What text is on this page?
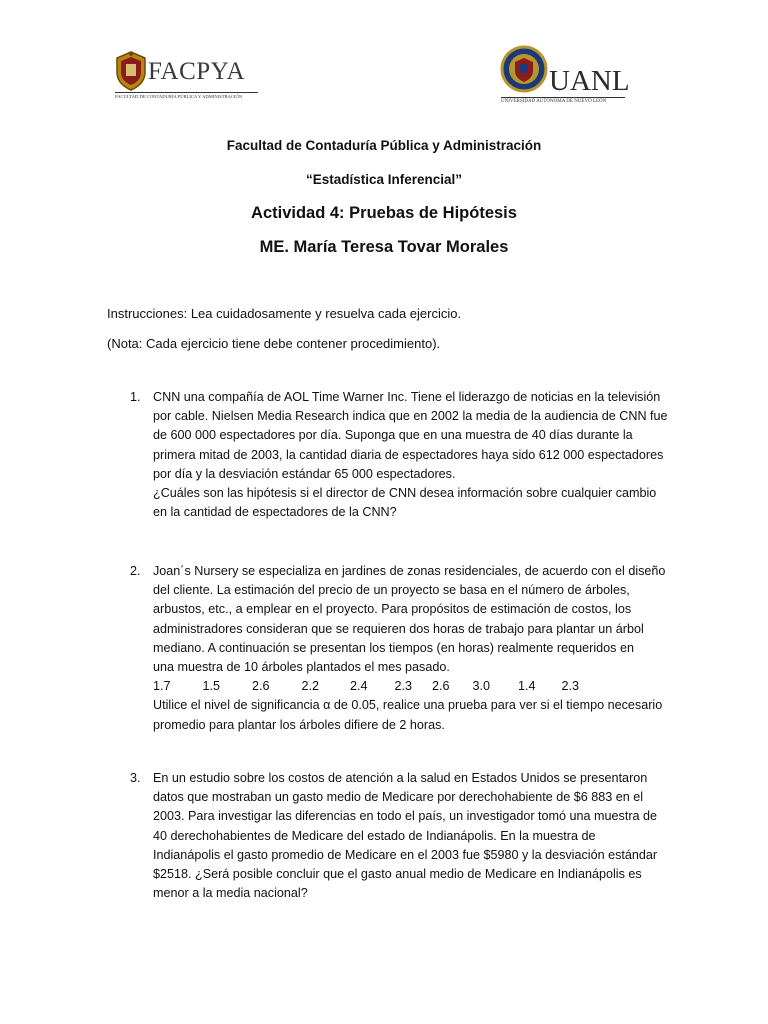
FACPYA
FACULTAD DE CONTADURÍA PÚBLICA Y ADMINISTRACIÓN	UANL
UNIVERSIDAD AUTÓNOMA DE NUEVO LEÓN
Facultad de Contaduría Pública y Administración
“Estadística Inferencial”
Actividad 4: Pruebas de Hipótesis
ME. María Teresa Tovar Morales
Instrucciones: Lea cuidadosamente y resuelva cada ejercicio.
(Nota: Cada ejercicio tiene debe contener procedimiento).
1. CNN una compañía de AOL Time Warner Inc. Tiene el liderazgo de noticias en la televisión
por cable. Nielsen Media Research indica que en 2002 la media de la audiencia de CNN fue
de 600 000 espectadores por día. Suponga que en una muestra de 40 días durante la
primera mitad de 2003, la cantidad diaria de espectadores haya sido 612 000 espectadores
por día y la desviación estándar 65 000 espectadores.
¿Cuáles son las hipótesis si el director de CNN desea información sobre cualquier cambio
en la cantidad de espectadores de la CNN?
2. Joan´s Nursery se especializa en jardines de zonas residenciales, de acuerdo con el diseño
del cliente. La estimación del precio de un proyecto se basa en el número de árboles,
arbustos, etc., a emplear en el proyecto. Para propósitos de estimación de costos, los
administradores consideran que se requieren dos horas de trabajo para plantar un árbol
mediano. A continuación se presentan los tiempos (en horas) realmente requeridos en
una muestra de 10 árboles plantados el mes pasado.
1.7	1.5	2.6	2.2 2.4 2.3 2.6 3.0 1.4 2.3
Utilice el nivel de significancia α de 0.05, realice una prueba para ver si el tiempo necesario
promedio para plantar los árboles difiere de 2 horas.
3. En un estudio sobre los costos de atención a la salud en Estados Unidos se presentaron
datos que mostraban un gasto medio de Medicare por derechohabiente de $6 883 en el
2003. Para investigar las diferencias en todo el país, un investigador tomó una muestra de
40 derechohabientes de Medicare del estado de Indianápolis. En la muestra de
Indianápolis el gasto promedio de Medicare en el 2003 fue $5980 y la desviación estándar
$2518. ¿Será posible concluir que el gasto anual medio de Medicare en Indianápolis es
menor a la media nacional?
